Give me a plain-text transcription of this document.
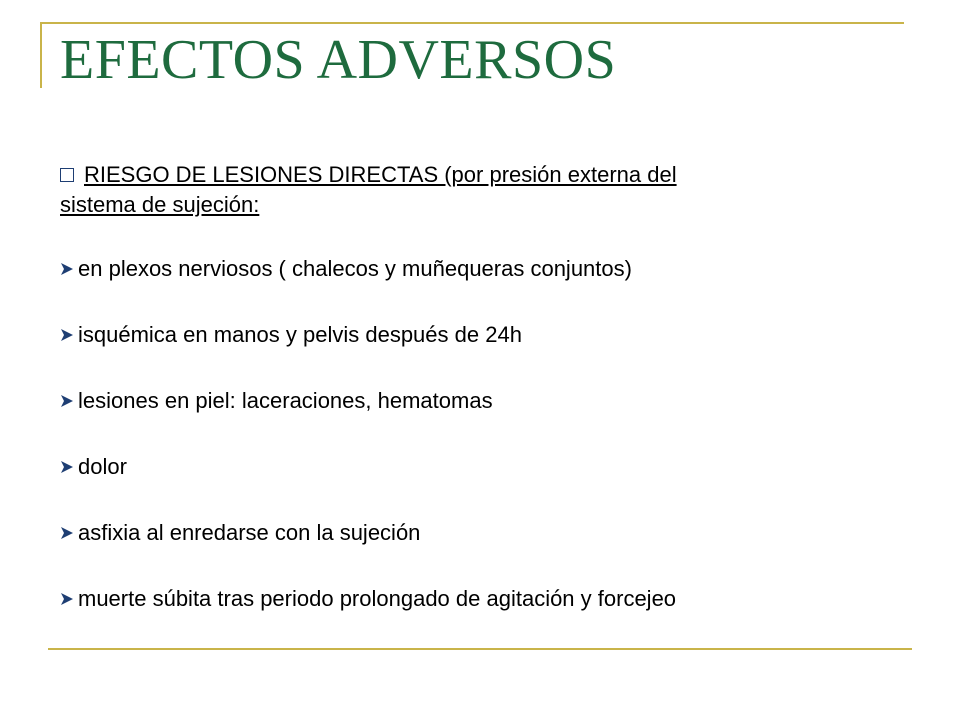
EFECTOS ADVERSOS

RIESGO DE LESIONES DIRECTAS (por presión externa del

sistema de sujeción:

en plexos nerviosos ( chalecos y muñequeras conjuntos)
isquémica en manos y pelvis después de 24h
lesiones en piel: laceraciones, hematomas
dolor
asfixia al enredarse con la sujeción
muerte súbita tras periodo prolongado de agitación y forcejeo
